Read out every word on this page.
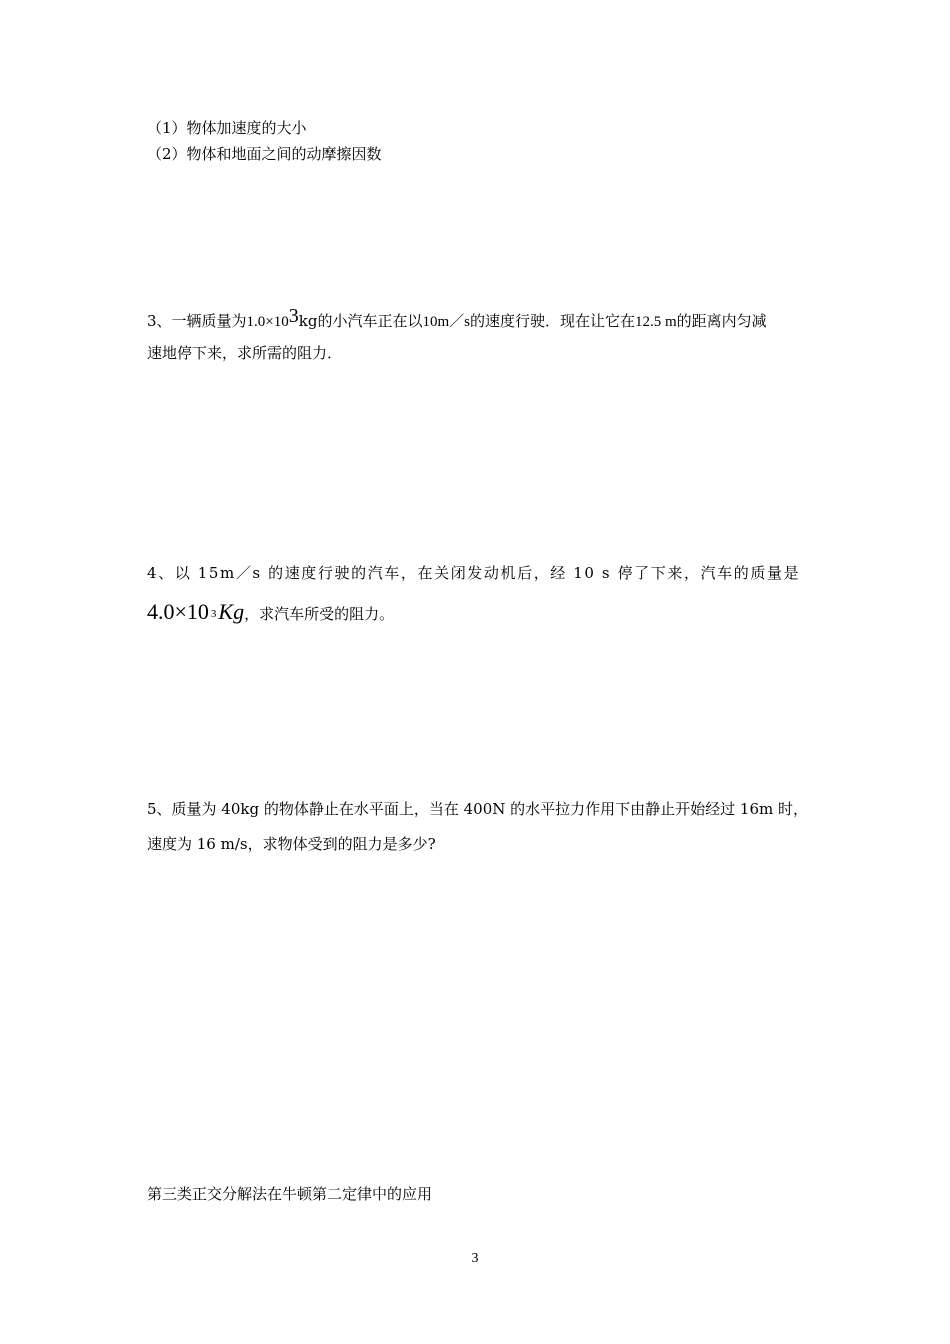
（1）物体加速度的大小
（2）物体和地面之间的动摩擦因数
3、一辆质量为1.0×103kg的小汽车正在以10m／s的速度行驶．现在让它在12.5 m的距离内匀减
速地停下来，求所需的阻力．
4、以 15m／s 的速度行驶的汽车，在关闭发动机后，经 10 s 停了下来，汽车的质量是
4.0×10 3Kg，求汽车所受的阻力。
5、质量为 40kg 的物体静止在水平面上，当在 400N 的水平拉力作用下由静止开始经过 16m 时，
速度为 16 m/s，求物体受到的阻力是多少?
第三类正交分解法在牛顿第二定律中的应用
3
